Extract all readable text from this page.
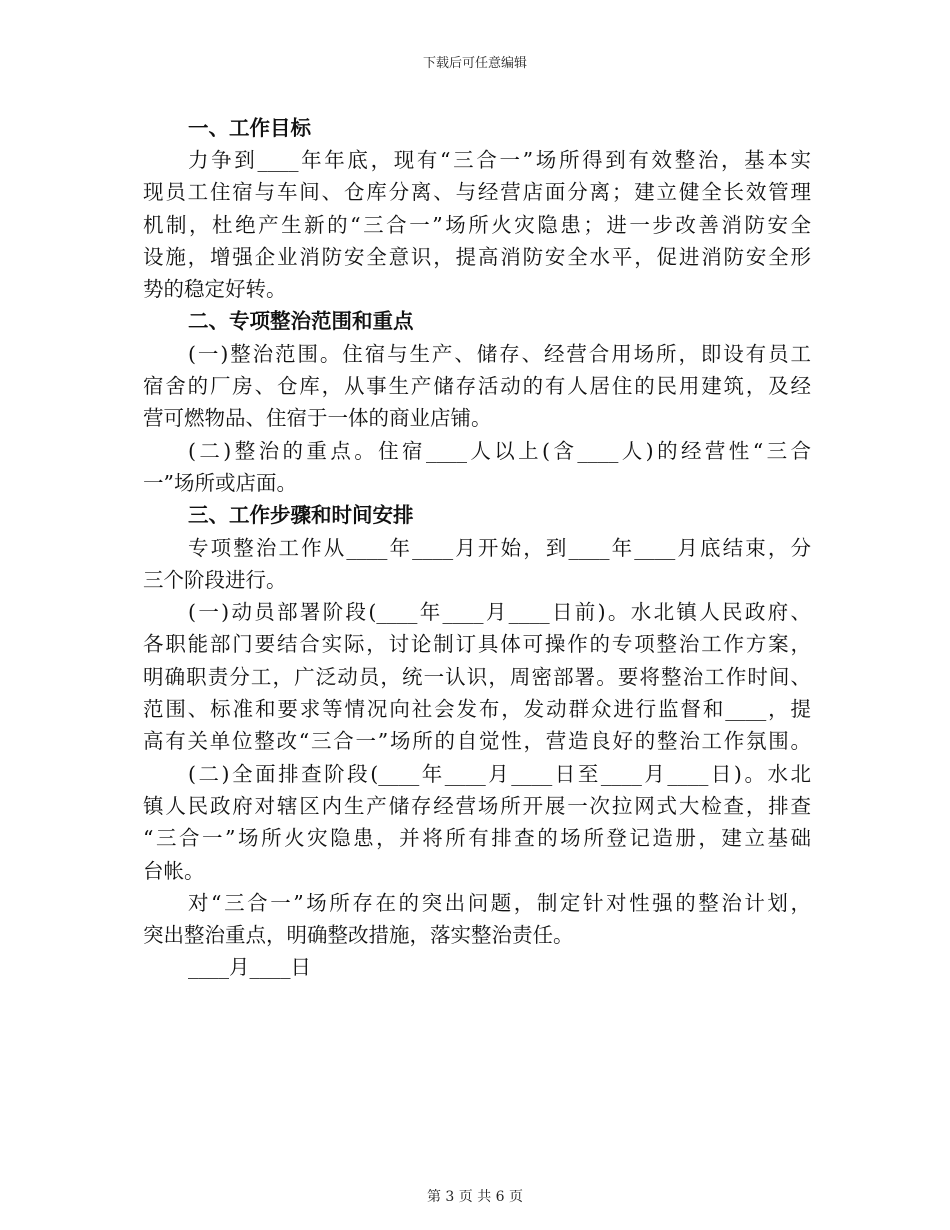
下载后可任意编辑
一、工作目标
力争到____年年底，现有“三合一”场所得到有效整治，基本实
现员工住宿与车间、仓库分离、与经营店面分离；建立健全长效管理
机制，杜绝产生新的“三合一”场所火灾隐患；进一步改善消防安全
设施，增强企业消防安全意识，提高消防安全水平，促进消防安全形
势的稳定好转。
二、专项整治范围和重点
(一)整治范围。住宿与生产、储存、经营合用场所，即设有员工
宿舍的厂房、仓库，从事生产储存活动的有人居住的民用建筑，及经
营可燃物品、住宿于一体的商业店铺。
(二)整治的重点。住宿____人以上(含____人)的经营性“三合
一”场所或店面。
三、工作步骤和时间安排
专项整治工作从____年____月开始，到____年____月底结束，分
三个阶段进行。
(一)动员部署阶段(____年____月____日前)。水北镇人民政府、
各职能部门要结合实际，讨论制订具体可操作的专项整治工作方案，
明确职责分工，广泛动员，统一认识，周密部署。要将整治工作时间、
范围、标准和要求等情况向社会发布，发动群众进行监督和____，提
高有关单位整改“三合一”场所的自觉性，营造良好的整治工作氛围。
(二)全面排查阶段(____年____月____日至____月____日)。水北
镇人民政府对辖区内生产储存经营场所开展一次拉网式大检查，排查
“三合一”场所火灾隐患，并将所有排查的场所登记造册，建立基础
台帐。
对“三合一”场所存在的突出问题，制定针对性强的整治计划，
突出整治重点，明确整改措施，落实整治责任。
____月____日
第 3 页 共 6 页
